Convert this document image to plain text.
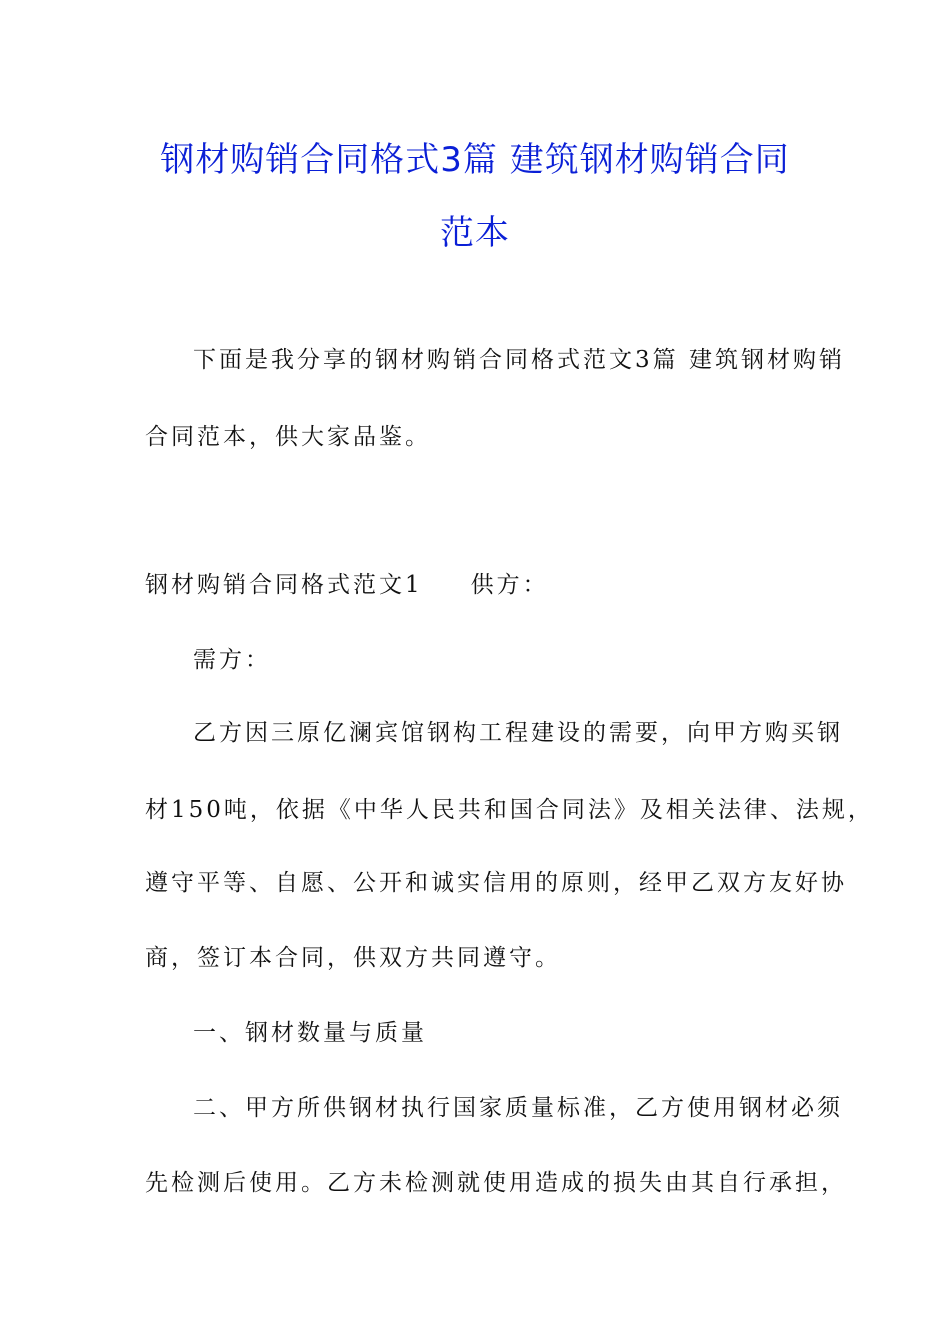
钢材购销合同格式3篇 建筑钢材购销合同
范本
下面是我分享的钢材购销合同格式范文3篇 建筑钢材购销
合同范本，供大家品鉴。
钢材购销合同格式范文1 供方：
需方：
乙方因三原亿澜宾馆钢构工程建设的需要，向甲方购买钢
材150吨，依据《中华人民共和国合同法》及相关法律、法规，
遵守平等、自愿、公开和诚实信用的原则，经甲乙双方友好协
商，签订本合同，供双方共同遵守。
一、钢材数量与质量
二、甲方所供钢材执行国家质量标准，乙方使用钢材必须
先检测后使用。乙方未检测就使用造成的损失由其自行承担，
